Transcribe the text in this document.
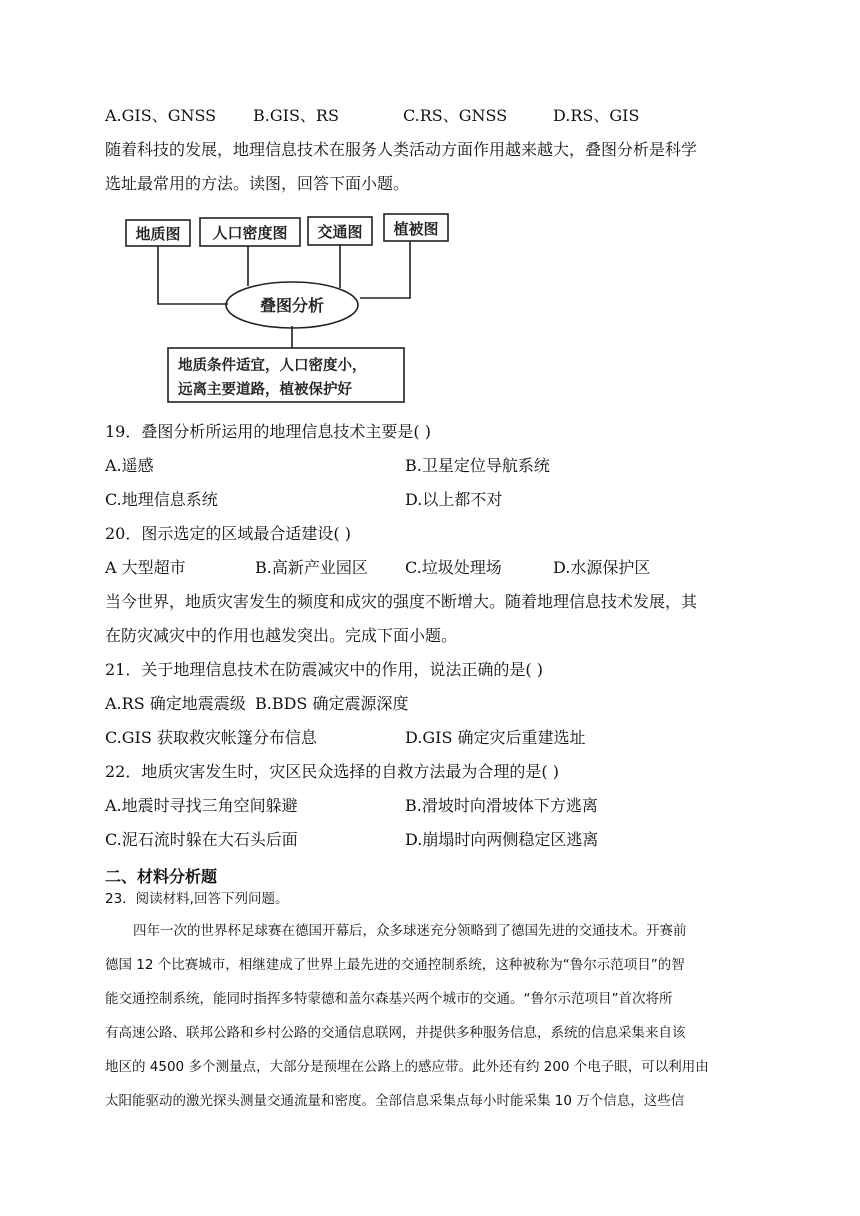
A.GIS、GNSS B.GIS、RS	C.RS、GNSS	D.RS、GIS
随着科技的发展，地理信息技术在服务人类活动方面作用越来越大，叠图分析是科学
选址最常用的方法。读图，回答下面小题。
地质图 人口密度图 交通图 植被图
叠图分析
地质条件适宜，人口密度小，
远离主要道路，植被保护好
19．叠图分析所运用的地理信息技术主要是( )
A.遥感	B.卫星定位导航系统
C.地理信息系统	D.以上都不对
20．图示选定的区域最合适建设( )
A 大型超市	B.高新产业园区 C.垃圾处理场	D.水源保护区
当今世界，地质灾害发生的频度和成灾的强度不断增大。随着地理信息技术发展，其
在防灾减灾中的作用也越发突出。完成下面小题。
21．关于地理信息技术在防震减灾中的作用，说法正确的是( )
A.RS 确定地震震级 B.BDS 确定震源深度
C.GIS 获取救灾帐篷分布信息	D.GIS 确定灾后重建选址
22．地质灾害发生时，灾区民众选择的自救方法最为合理的是( )
A.地震时寻找三角空间躲避	B.滑坡时向滑坡体下方逃离
C.泥石流时躲在大石头后面	D.崩塌时向两侧稳定区逃离
二、材料分析题
23．阅读材料,回答下列问题。
四年一次的世界杯足球赛在德国开幕后，众多球迷充分领略到了德国先进的交通技术。开赛前
德国 12 个比赛城市，相继建成了世界上最先进的交通控制系统，这种被称为“鲁尔示范项目”的智
能交通控制系统，能同时指挥多特蒙德和盖尔森基兴两个城市的交通。“鲁尔示范项目”首次将所
有高速公路、联邦公路和乡村公路的交通信息联网，并提供多种服务信息，系统的信息采集来自该
地区的 4500 多个测量点，大部分是预埋在公路上的感应带。此外还有约 200 个电子眼，可以利用由
太阳能驱动的激光探头测量交通流量和密度。全部信息采集点每小时能采集 10 万个信息，这些信
